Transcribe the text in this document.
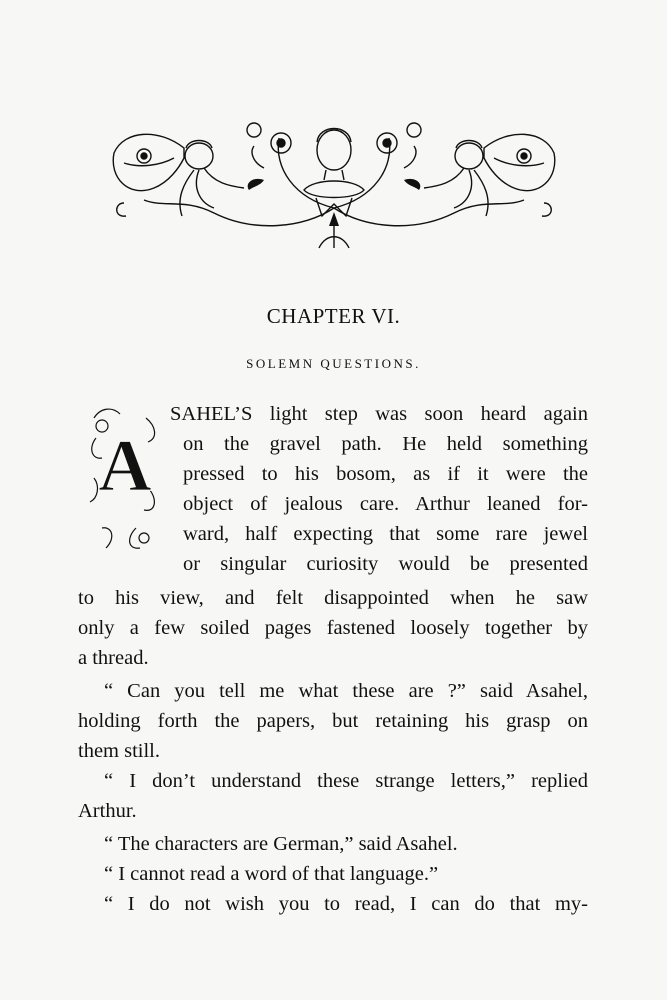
CHAPTER VI.
SOLEMN QUESTIONS.
A
SAHEL’S light step was soon heard again
on the gravel path. He held something
pressed to his bosom, as if it were the
object of jealous care. Arthur leaned for-
ward, half expecting that some rare jewel
or singular curiosity would be presented
to his view, and felt disappointed when he saw
only a few soiled pages fastened loosely together by
a thread.
“ Can you tell me what these are ?” said Asahel,
holding forth the papers, but retaining his grasp on
them still.
“ I don’t understand these strange letters,” replied
Arthur.
“ The characters are German,” said Asahel.
“ I cannot read a word of that language.”
“ I do not wish you to read, I can do that my-
